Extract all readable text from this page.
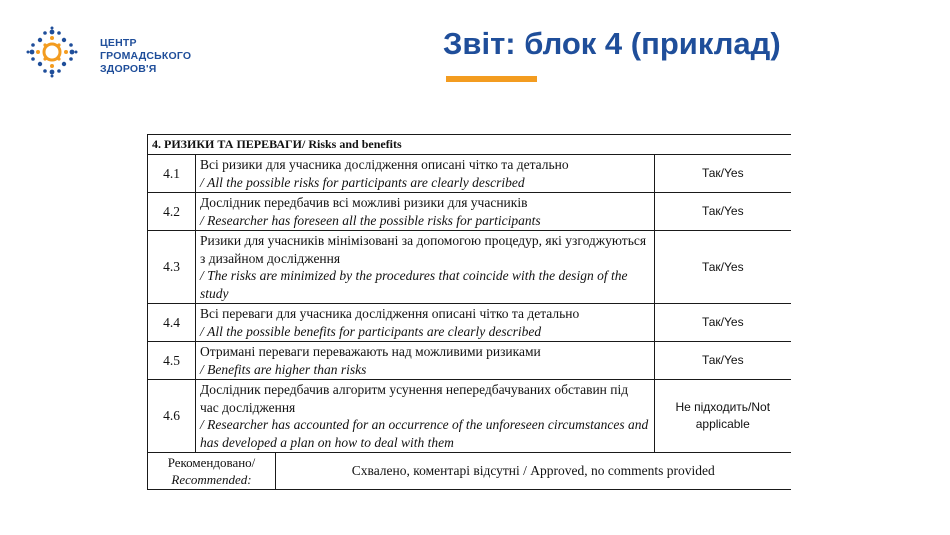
ЦЕНТР
ГРОМАДСЬКОГО
ЗДОРОВ'Я
Звіт: блок 4 (приклад)
4. РИЗИКИ ТА ПЕРЕВАГИ/ Risks and benefits			
4.1	Всі ризики для учасника дослідження описані чітко та детально
/ All the possible risks for participants are clearly described		Так/Yes
4.2	Дослідник передбачив всі можливі ризики для учасників
/ Researcher has foreseen all the possible risks for participants		Так/Yes
4.3	Ризики для учасників мінімізовані за допомогою процедур, які узгоджуються з дизайном дослідження
/ The risks are minimized by the procedures that coincide with the design of the study		Так/Yes
4.4	Всі переваги для учасника дослідження описані чітко та детально
/ All the possible benefits for participants are clearly described		Так/Yes
4.5	Отримані переваги переважають над можливими ризиками
/ Benefits are higher than risks		Так/Yes
4.6	Дослідник передбачив алгоритм усунення непередбачуваних обставин під час дослідження
/ Researcher has accounted for an occurrence of the unforeseen circumstances and has developed a plan on how to deal with them		Не підходить/Not applicable
Рекомендовано/
Recommended:		Схвалено, коментарі відсутні / Approved, no comments provided	
